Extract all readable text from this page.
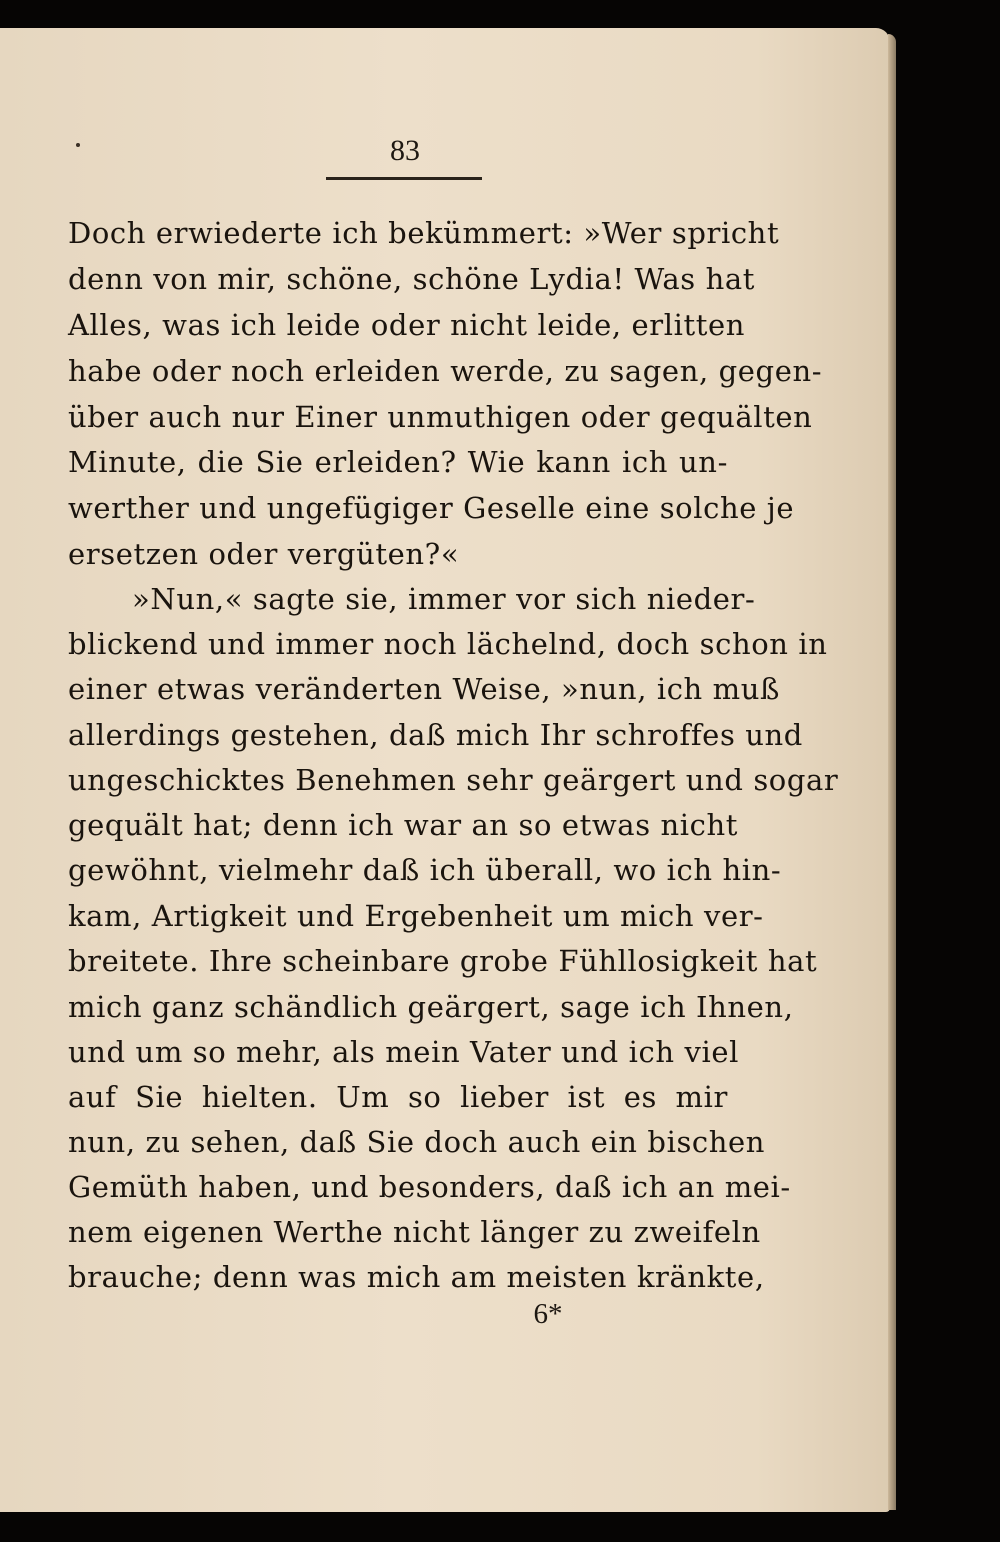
83
Doch erwiederte ich bekümmert: »Wer spricht
denn von mir, schöne, schöne Lydia! Was hat
Alles, was ich leide oder nicht leide, erlitten
habe oder noch erleiden werde, zu sagen, gegen-
über auch nur Einer unmuthigen oder gequälten
Minute, die Sie erleiden? Wie kann ich un-
werther und ungefügiger Geselle eine solche je
ersetzen oder vergüten?«
»Nun,« sagte sie, immer vor sich nieder-
blickend und immer noch lächelnd, doch schon in
einer etwas veränderten Weise, »nun, ich muß
allerdings gestehen, daß mich Ihr schroffes und
ungeschicktes Benehmen sehr geärgert und sogar
gequält hat; denn ich war an so etwas nicht
gewöhnt, vielmehr daß ich überall, wo ich hin-
kam, Artigkeit und Ergebenheit um mich ver-
breitete. Ihre scheinbare grobe Fühllosigkeit hat
mich ganz schändlich geärgert, sage ich Ihnen,
und um so mehr, als mein Vater und ich viel
auf Sie hielten. Um so lieber ist es mir
nun, zu sehen, daß Sie doch auch ein bischen
Gemüth haben, und besonders, daß ich an mei-
nem eigenen Werthe nicht länger zu zweifeln
brauche; denn was mich am meisten kränkte,
6*
